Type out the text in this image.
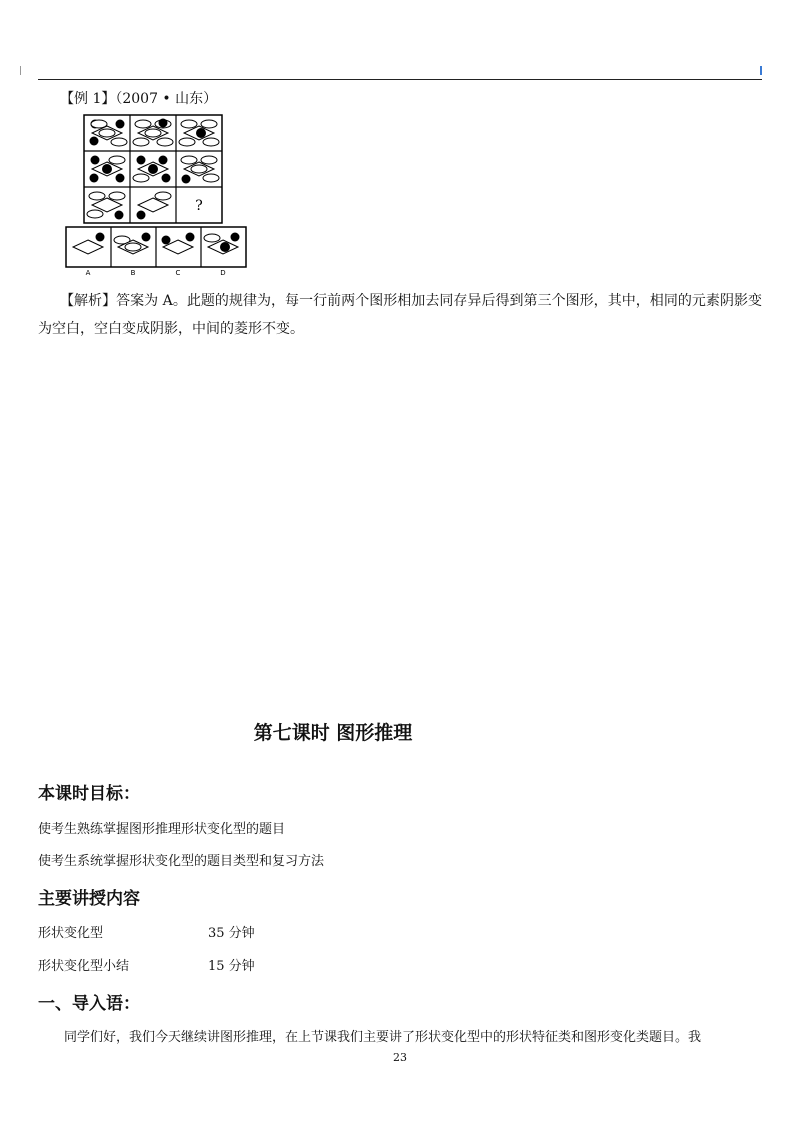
【例 1】（2007 • 山东）
?
A	B	C	D
【解析】答案为 A。此题的规律为，每一行前两个图形相加去同存异后得到第三个图形，其中，相同的元素阴影变为空白，空白变成阴影，中间的菱形不变。
第七课时 图形推理
本课时目标：
使考生熟练掌握图形推理形状变化型的题目
使考生系统掌握形状变化型的题目类型和复习方法
主要讲授内容
形状变化型	35 分钟
形状变化型小结	15 分钟
一、导入语：
同学们好，我们今天继续讲图形推理，在上节课我们主要讲了形状变化型中的形状特征类和图形变化类题目。我
23
